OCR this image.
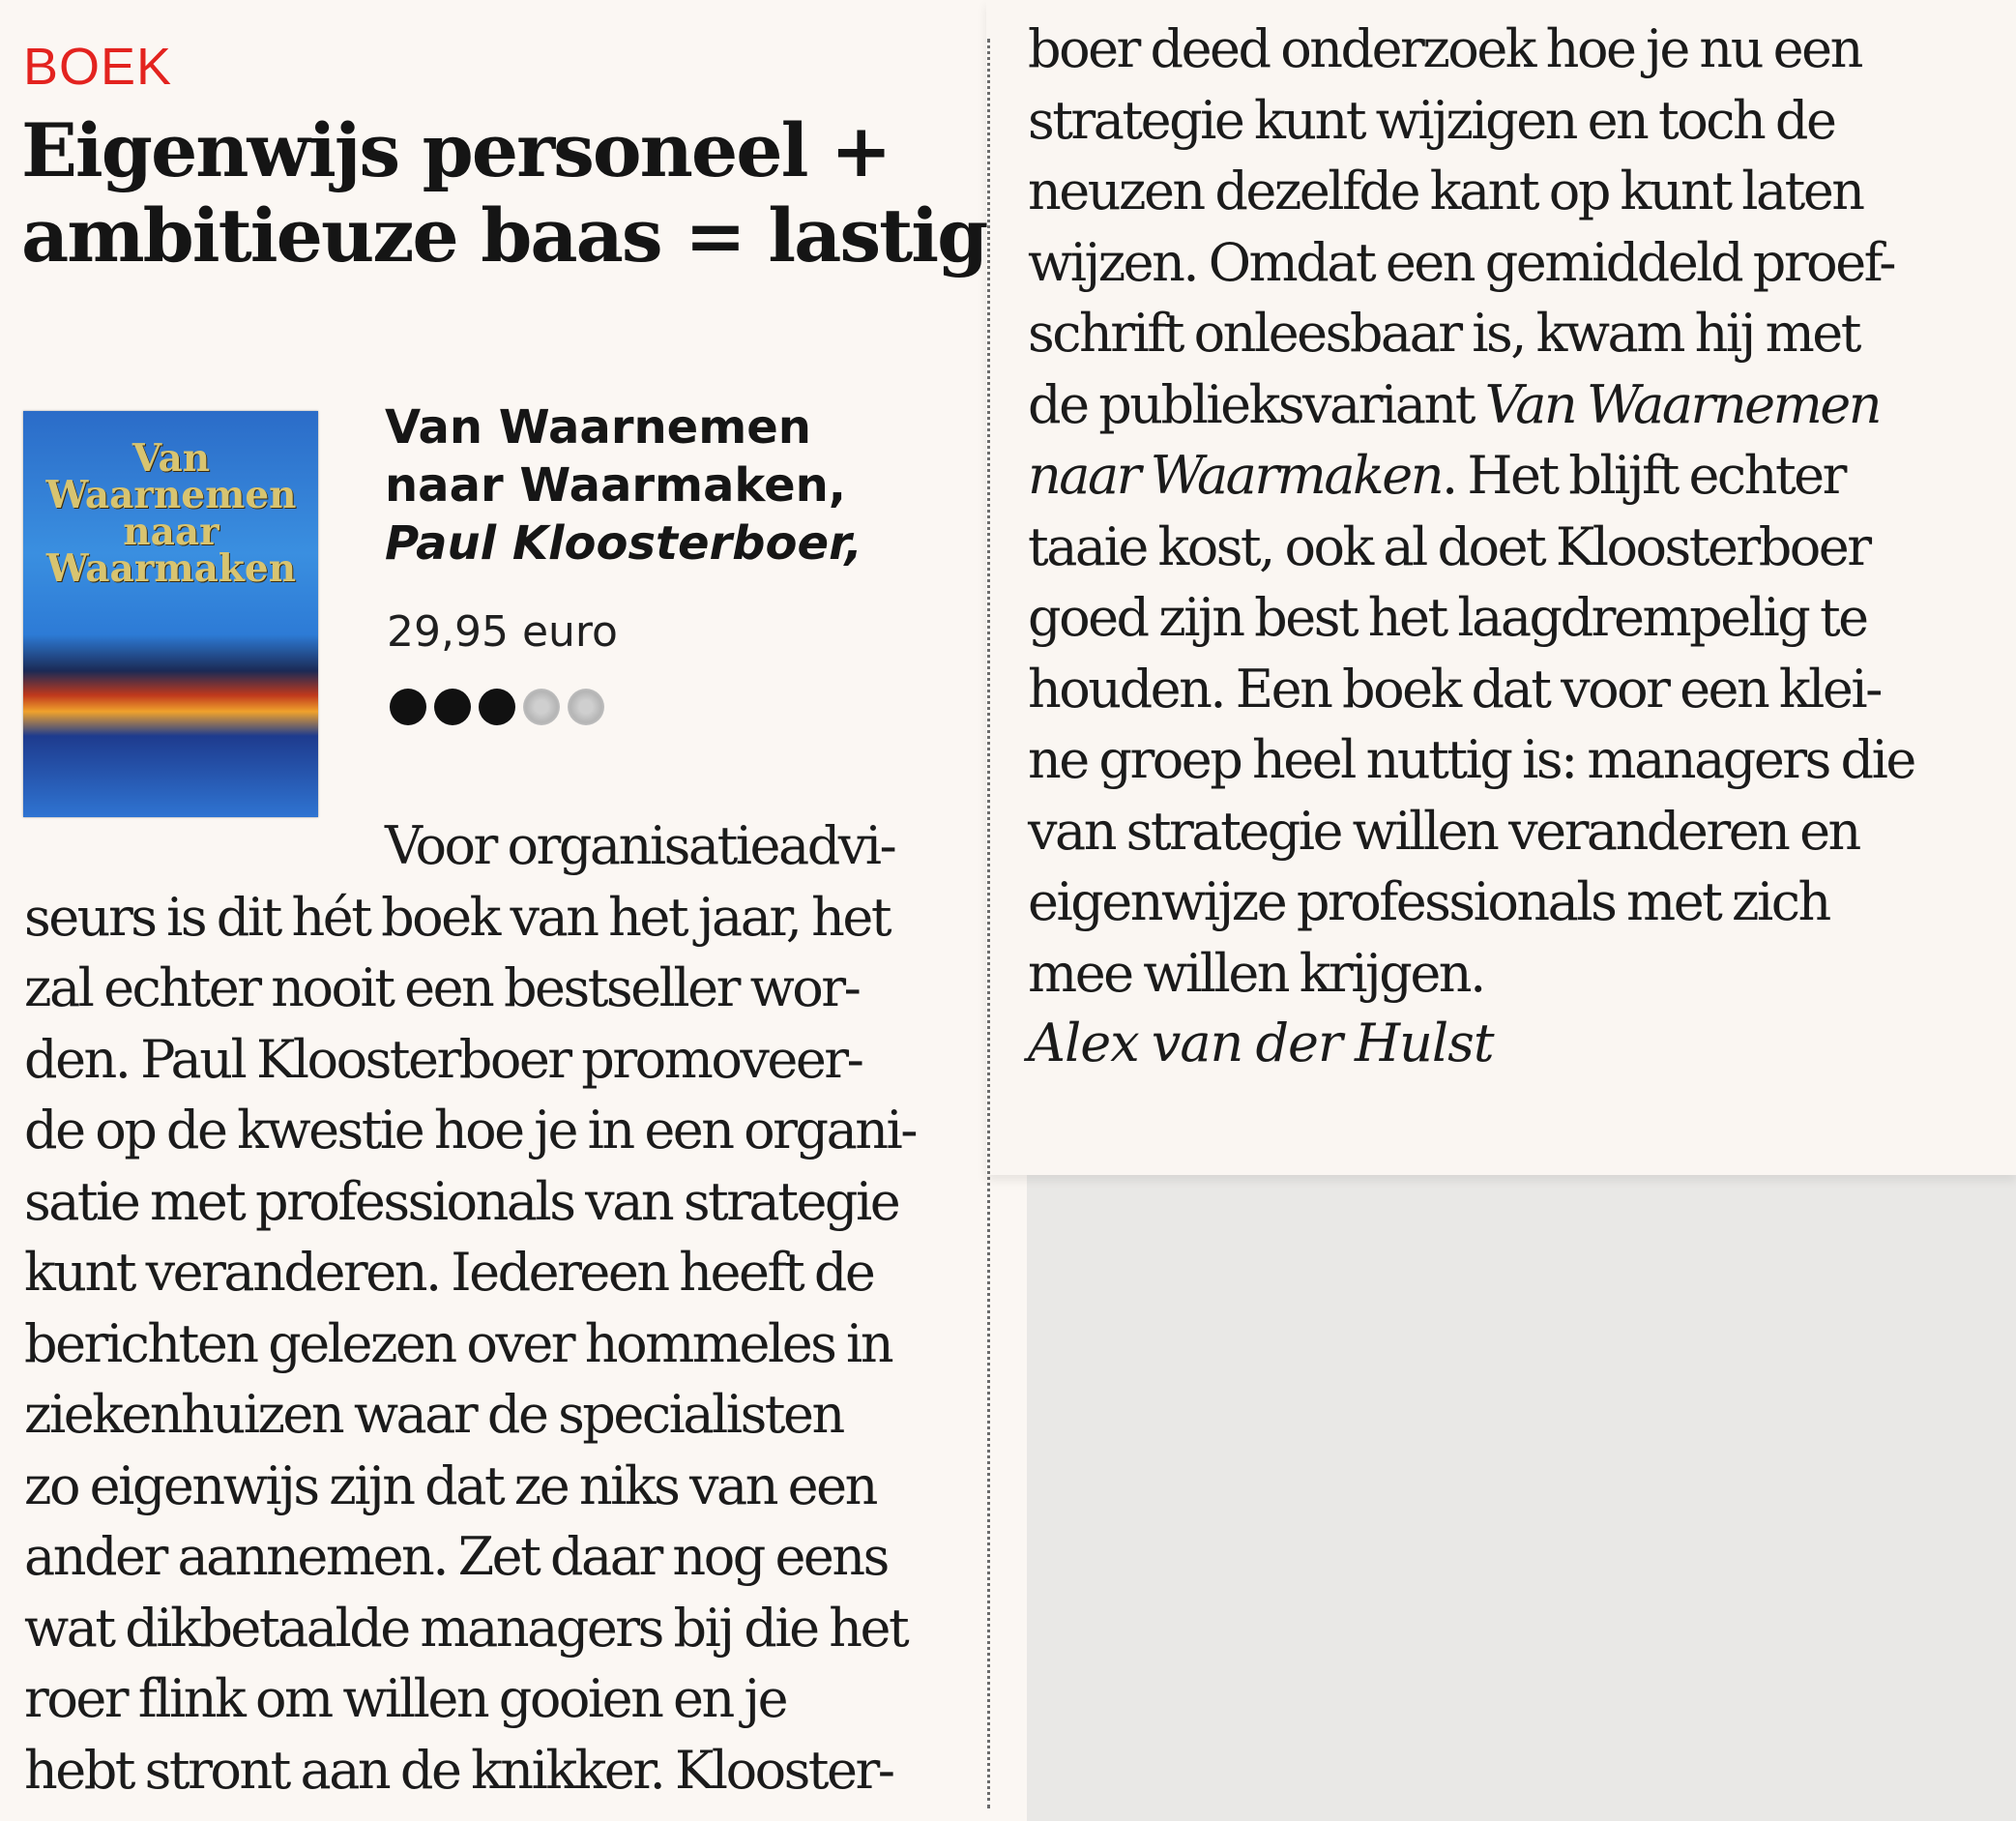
BOEK
Eigenwijs personeel +
ambitieuze baas = lastig
Van Waarnemen naar Waarmaken
Van Waarnemen
naar Waarmaken,
Paul Kloosterboer,
29,95 euro
Voor organisatieadvi-
seurs is dit hét boek van het jaar, het
zal echter nooit een bestseller wor-
den. Paul Kloosterboer promoveer-
de op de kwestie hoe je in een organi-
satie met professionals van strategie
kunt veranderen. Iedereen heeft de
berichten gelezen over hommeles in
ziekenhuizen waar de specialisten
zo eigenwijs zijn dat ze niks van een
ander aannemen. Zet daar nog eens
wat dikbetaalde managers bij die het
roer flink om willen gooien en je
hebt stront aan de knikker. Klooster-
boer deed onderzoek hoe je nu een
strategie kunt wijzigen en toch de
neuzen dezelfde kant op kunt laten
wijzen. Omdat een gemiddeld proef-
schrift onleesbaar is, kwam hij met
de publieksvariant Van Waarnemen
naar Waarmaken. Het blijft echter
taaie kost, ook al doet Kloosterboer
goed zijn best het laagdrempelig te
houden. Een boek dat voor een klei-
ne groep heel nuttig is: managers die
van strategie willen veranderen en
eigenwijze professionals met zich
mee willen krijgen.
Alex van der Hulst
